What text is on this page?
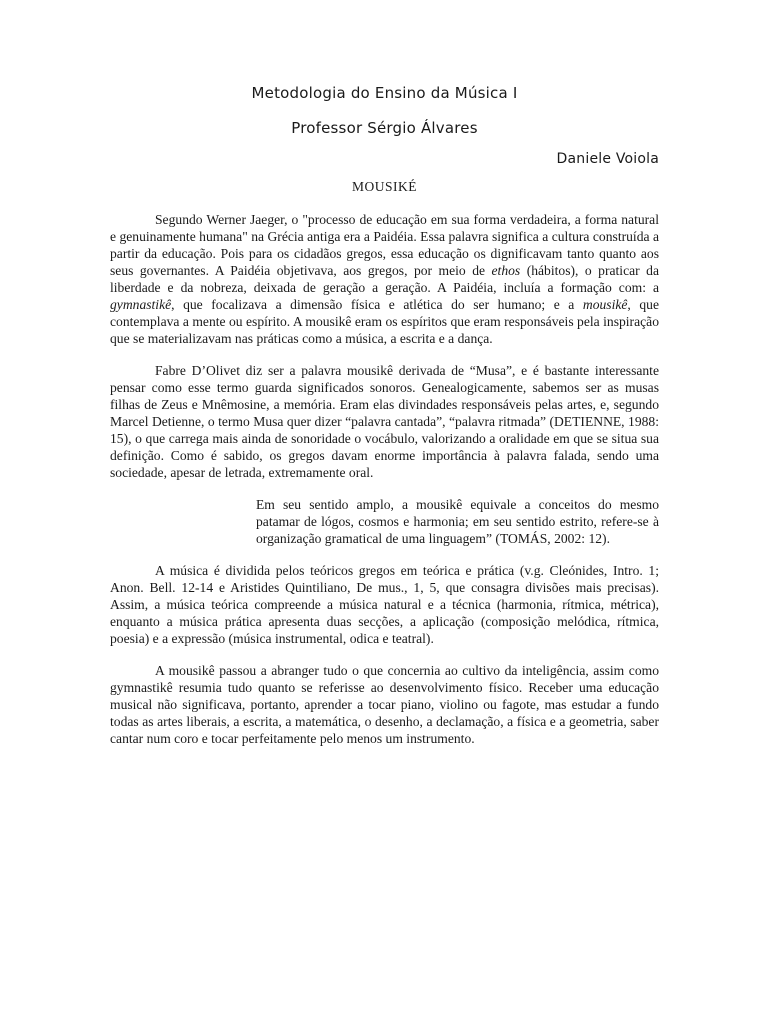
Metodologia do Ensino da Música I
Professor Sérgio Álvares
Daniele Voiola
MOUSIKÉ

Segundo Werner Jaeger, o "processo de educação em sua forma verdadeira, a forma natural e genuinamente humana" na Grécia antiga era a Paidéia. Essa palavra significa a cultura construída a partir da educação. Pois para os cidadãos gregos, essa educação os dignificavam tanto quanto aos seus governantes. A Paidéia objetivava, aos gregos, por meio de ethos (hábitos), o praticar da liberdade e da nobreza, deixada de geração a geração. A Paidéia, incluía a formação com: a gymnastikê, que focalizava a dimensão física e atlética do ser humano; e a mousikê, que contemplava a mente ou espírito. A mousikê eram os espíritos que eram responsáveis pela inspiração que se materializavam nas práticas como a música, a escrita e a dança.

Fabre D’Olivet diz ser a palavra mousikê derivada de “Musa”, e é bastante interessante pensar como esse termo guarda significados sonoros. Genealogicamente, sabemos ser as musas filhas de Zeus e Mnêmosine, a memória. Eram elas divindades responsáveis pelas artes, e, segundo Marcel Detienne, o termo Musa quer dizer “palavra cantada”, “palavra ritmada” (DETIENNE, 1988: 15), o que carrega mais ainda de sonoridade o vocábulo, valorizando a oralidade em que se situa sua definição. Como é sabido, os gregos davam enorme importância à palavra falada, sendo uma sociedade, apesar de letrada, extremamente oral.

Em seu sentido amplo, a mousikê equivale a conceitos do mesmo patamar de lógos, cosmos e harmonia; em seu sentido estrito, refere-se à organização gramatical de uma linguagem” (TOMÁS, 2002: 12).

A música é dividida pelos teóricos gregos em teórica e prática (v.g. Cleónides, Intro. 1; Anon. Bell. 12-14 e Aristides Quintiliano, De mus., 1, 5, que consagra divisões mais precisas). Assim, a música teórica compreende a música natural e a técnica (harmonia, rítmica, métrica), enquanto a música prática apresenta duas secções, a aplicação (composição melódica, rítmica, poesia) e a expressão (música instrumental, odica e teatral).

A mousikê passou a abranger tudo o que concernia ao cultivo da inteligência, assim como gymnastikê resumia tudo quanto se referisse ao desenvolvimento físico. Receber uma educação musical não significava, portanto, aprender a tocar piano, violino ou fagote, mas estudar a fundo todas as artes liberais, a escrita, a matemática, o desenho, a declamação, a física e a geometria, saber cantar num coro e tocar perfeitamente pelo menos um instrumento.
